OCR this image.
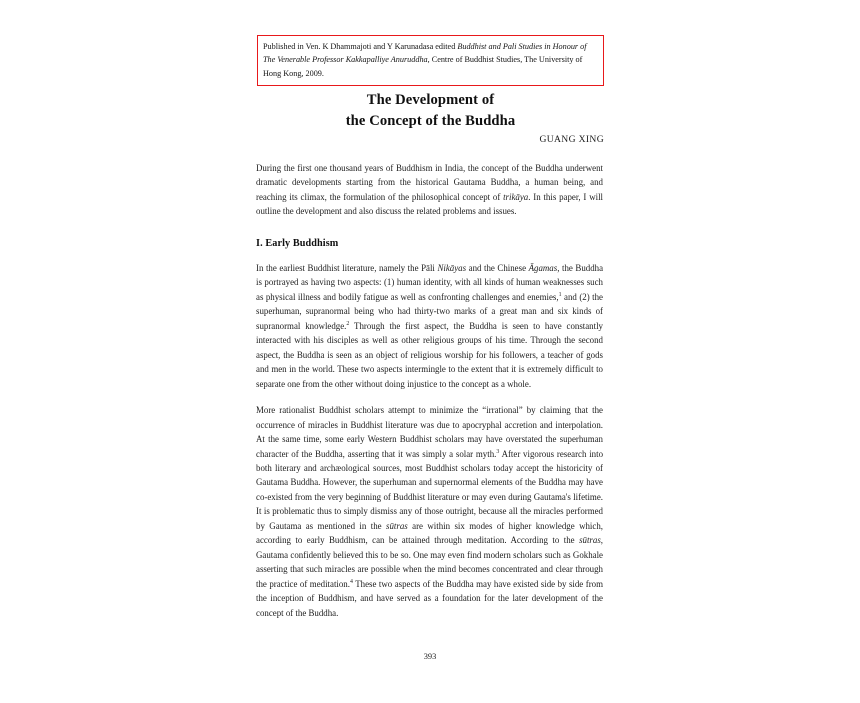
Published in Ven. K Dhammajoti and Y Karunadasa edited Buddhist and Pali Studies in Honour of The Venerable Professor Kakkapalliye Anuruddha, Centre of Buddhist Studies, The University of Hong Kong, 2009.
The Development of
the Concept of the Buddha
GUANG XING

During the first one thousand years of Buddhism in India, the concept of the Buddha underwent dramatic developments starting from the historical Gautama Buddha, a human being, and reaching its climax, the formulation of the philosophical concept of trikāya. In this paper, I will outline the development and also discuss the related problems and issues.

I. Early Buddhism

In the earliest Buddhist literature, namely the Pāli Nikāyas and the Chinese Āgamas, the Buddha is portrayed as having two aspects: (1) human identity, with all kinds of human weaknesses such as physical illness and bodily fatigue as well as confronting challenges and enemies,$^1$ and (2) the superhuman, supranormal being who had thirty-two marks of a great man and six kinds of supranormal knowledge.$^2$ Through the first aspect, the Buddha is seen to have constantly interacted with his disciples as well as other religious groups of his time. Through the second aspect, the Buddha is seen as an object of religious worship for his followers, a teacher of gods and men in the world. These two aspects intermingle to the extent that it is extremely difficult to separate one from the other without doing injustice to the concept as a whole.

More rationalist Buddhist scholars attempt to minimize the “irrational” by claiming that the occurrence of miracles in Buddhist literature was due to apocryphal accretion and interpolation. At the same time, some early Western Buddhist scholars may have overstated the superhuman character of the Buddha, asserting that it was simply a solar myth.$^3$ After vigorous research into both literary and archæological sources, most Buddhist scholars today accept the historicity of Gautama Buddha. However, the superhuman and supernormal elements of the Buddha may have co-existed from the very beginning of Buddhist literature or may even during Gautama's lifetime. It is problematic thus to simply dismiss any of those outright, because all the miracles performed by Gautama as mentioned in the sūtras are within six modes of higher knowledge which, according to early Buddhism, can be attained through meditation. According to the sūtras, Gautama confidently believed this to be so. One may even find modern scholars such as Gokhale asserting that such miracles are possible when the mind becomes concentrated and clear through the practice of meditation.$^4$ These two aspects of the Buddha may have existed side by side from the inception of Buddhism, and have served as a foundation for the later development of the concept of the Buddha.

393
